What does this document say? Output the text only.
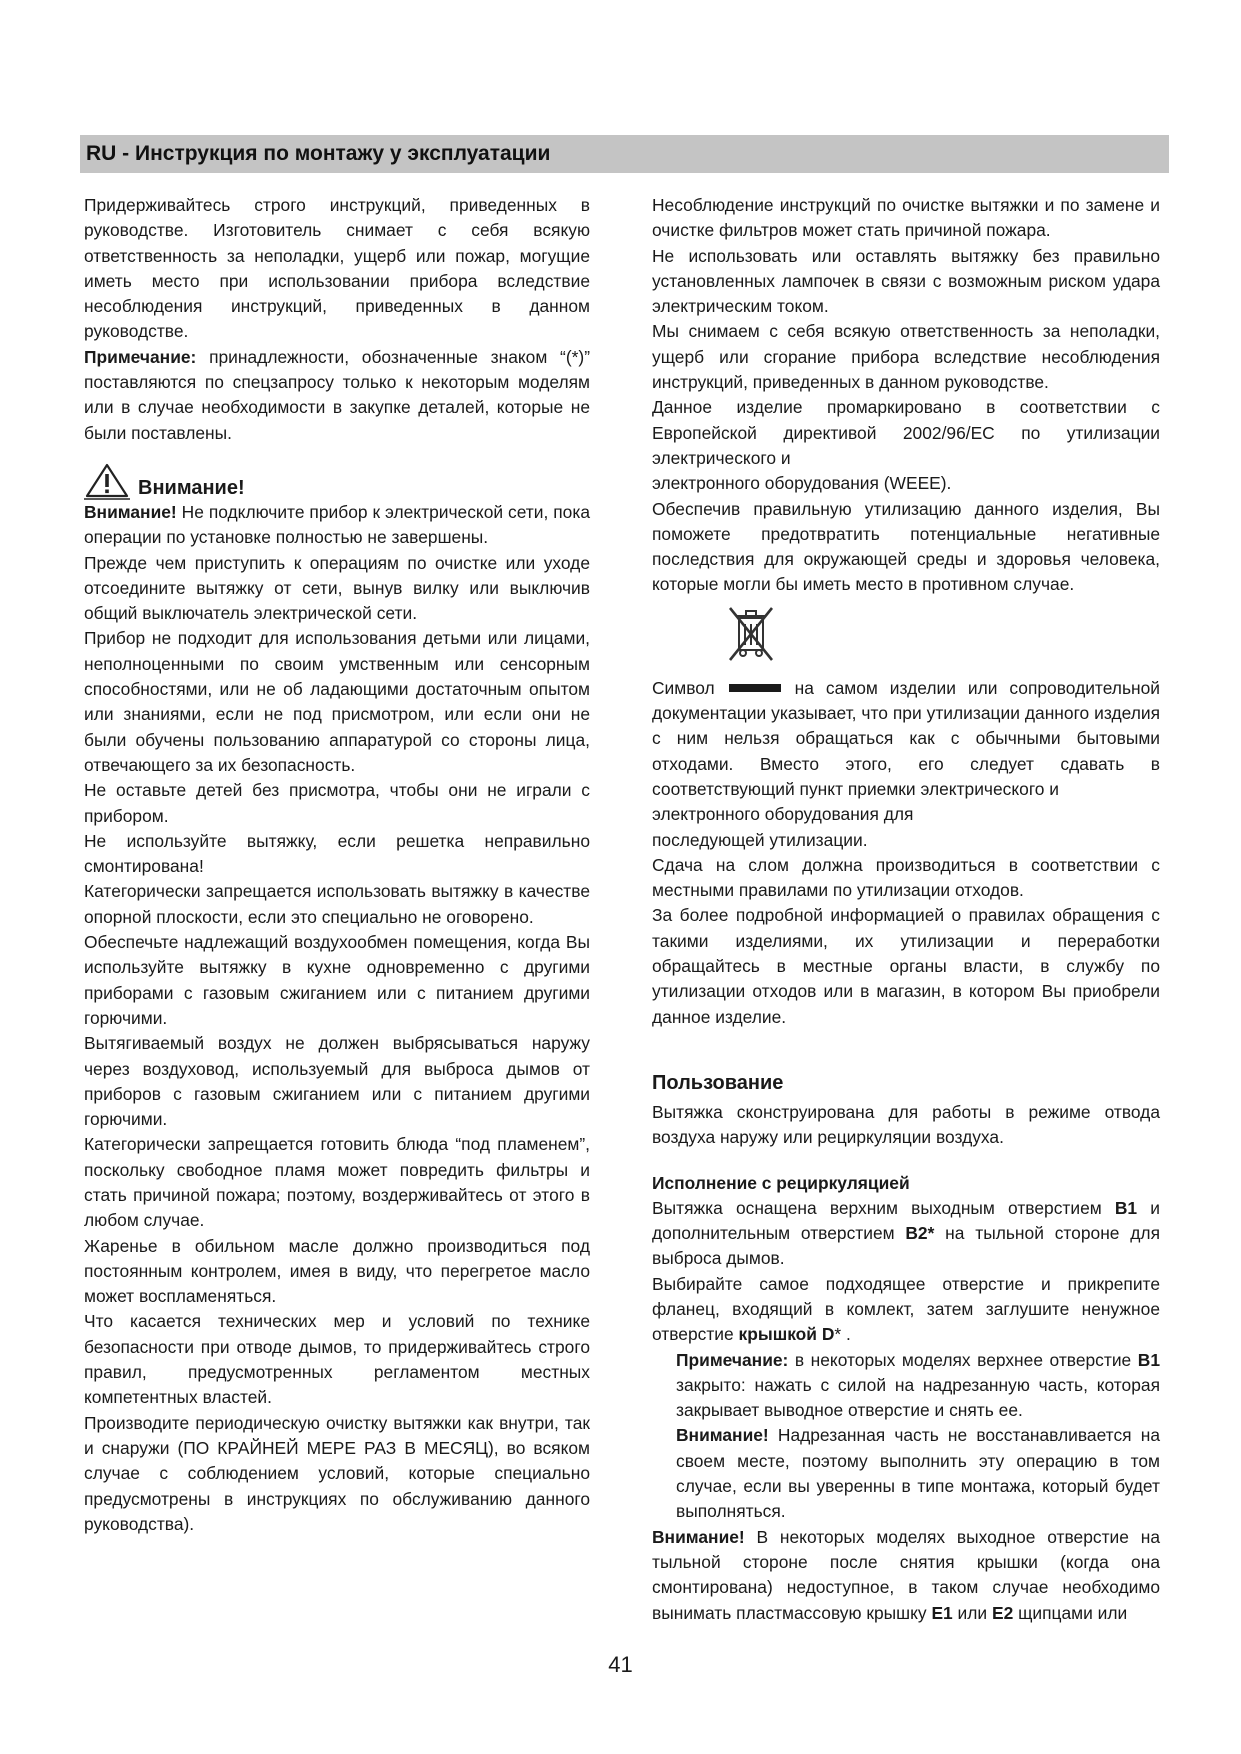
RU - Инструкция по монтажу у эксплуатации

Придерживайтесь строго инструкций, приведенных в руководстве. Изготовитель снимает с себя всякую ответственность за неполадки, ущерб или пожар, могущие иметь место при использовании прибора вследствие несоблюдения инструкций, приведенных в данном руководстве.

Примечание: принадлежности, обозначенные знаком “(*)” поставляются по спецзапросу только к некоторым моделям или в случае необходимости в закупке деталей, которые не были поставлены.

Внимание!

Внимание! Не подключите прибор к электрической сети, пока операции по установке полностью не завершены.

Прежде чем приступить к операциям по очистке или уходе отсоедините вытяжку от сети, вынув вилку или выключив общий выключатель электрической сети.

Прибор не подходит для использования детьми или лицами, неполноценными по своим умственным или сенсорным способностями, или не об ладающими достаточным опытом или знаниями, если не под присмотром, или если они не были обучены пользованию аппаратурой со стороны лица, отвечающего за их безопасность.

Не оставьте детей без присмотра, чтобы они не играли с прибором.

Не используйте вытяжку, если решетка неправильно смонтирована!

Категорически запрещается использовать вытяжку в качестве опорной плоскости, если это специально не оговорено.

Обеспечьте надлежащий воздухообмен помещения, когда Вы используйте вытяжку в кухне одновременно с другими приборами с газовым сжиганием или с питанием другими горючими.

Вытягиваемый воздух не должен выбрясываться наружу через воздуховод, используемый для выброса дымов от приборов с газовым сжиганием или с питанием другими горючими.

Категорически запрещается готовить блюда “под пламенем”, поскольку свободное пламя может повредить фильтры и стать причиной пожара; поэтому, воздерживайтесь от этого в любом случае.

Жаренье в обильном масле должно производиться под постоянным контролем, имея в виду, что перегретое масло может воспламеняться.

Что касается технических мер и условий по технике безопасности при отводе дымов, то придерживайтесь строго правил, предусмотренных регламентом местных компетентных властей.

Производите периодическую очистку вытяжки как внутри, так и снаружи (ПО КРАЙНЕЙ МЕРЕ РАЗ В МЕСЯЦ), во всяком случае с соблюдением условий, которые специально предусмотрены в инструкциях по обслуживанию данного руководства).

Несоблюдение инструкций по очистке вытяжки и по замене и очистке фильтров может стать причиной пожара.

Не использовать или оставлять вытяжку без правильно установленных лампочек в связи с возможным риском удара электрическим током.

Мы снимаем с себя всякую ответственность за неполадки, ущерб или сгорание прибора вследствие несоблюдения инструкций, приведенных в данном руководстве.

Данное изделие промаркировано в соответствии с Европейской директивой 2002/96/EC по утилизации электрического и

электронного оборудования (WEEE).

Обеспечив правильную утилизацию данного изделия, Вы поможете предотвратить потенциальные негативные последствия для окружающей среды и здоровья человека, которые могли бы иметь место в противном случае.

Символ	на самом изделии или сопроводительной документации указывает, что при утилизации данного изделия с ним нельзя обращаться как с обычными бытовыми отходами. Вместо этого, его следует сдавать в соответствующий пункт приемки электрического и

электронного оборудования для

последующей утилизации.

Сдача на слом должна производиться в соответствии с местными правилами по утилизации отходов.

За более подробной информацией о правилах обращения с такими изделиями, их утилизации и переработки обращайтесь в местные органы власти, в службу по утилизации отходов или в магазин, в котором Вы приобрели данное изделие.

Пользование

Вытяжка сконструирована для работы в режиме отвода воздуха наружу или рециркуляции воздуха.

Исполнение с рециркуляцией

Вытяжка оснащена верхним выходным отверстием B1 и дополнительным отверстием B2* на тыльной стороне для выброса дымов.

Выбирайте самое подходящее отверстие и прикрепите фланец, входящий в комлект, затем заглушите ненужное отверстие крышкой D* .

Примечание: в некоторых моделях верхнее отверстие B1 закрыто: нажать с силой на надрезанную часть, которая закрывает выводное отверстие и снять ее.

Внимание! Надрезанная часть не восстанавливается на своем месте, поэтому выполнить эту операцию в том случае, если вы уверенны в типе монтажа, который будет выполняться.

Внимание! В некоторых моделях выходное отверстие на тыльной стороне после снятия крышки (когда она смонтирована) недоступное, в таком случае необходимо вынимать пластмассовую крышку E1 или E2 щипцами или

41
